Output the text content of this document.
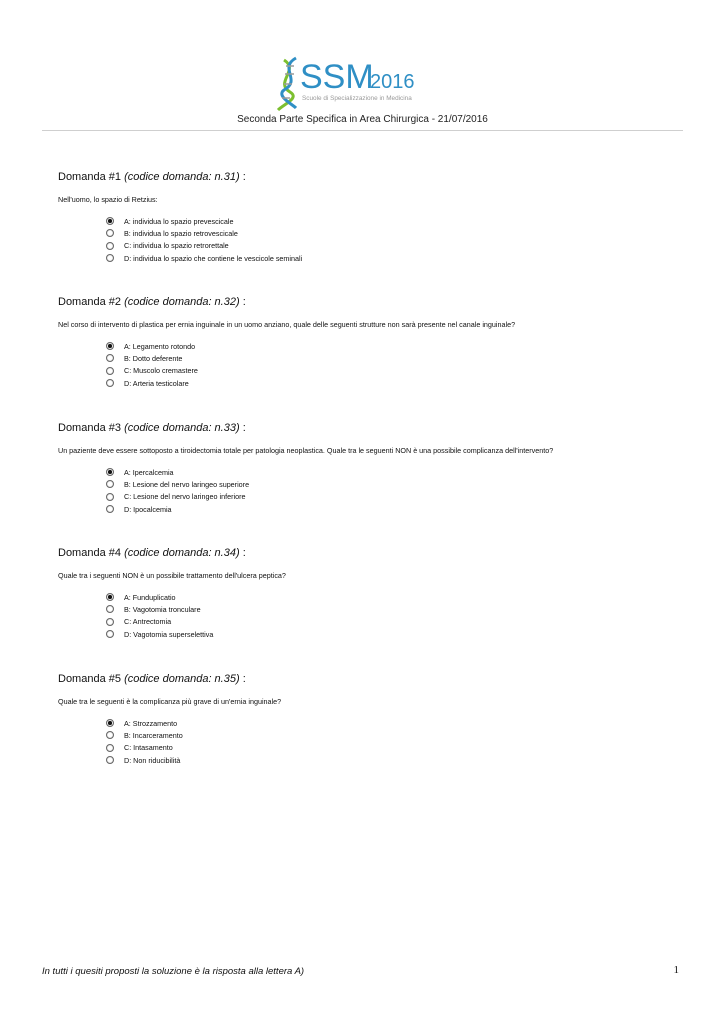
SSM
2016
Scuole di Specializzazione in Medicina
Seconda Parte Specifica in Area Chirurgica - 21/07/2016
Domanda #1 (codice domanda: n.31) :
Nell'uomo, lo spazio di Retzius:
A: individua lo spazio prevescicale
B: individua lo spazio retrovescicale
C: individua lo spazio retrorettale
D: individua lo spazio che contiene le vescicole seminali
Domanda #2 (codice domanda: n.32) :
Nel corso di intervento di plastica per ernia inguinale in un uomo anziano, quale delle seguenti strutture non sarà presente nel canale inguinale?
A: Legamento rotondo
B: Dotto deferente
C: Muscolo cremastere
D: Arteria testicolare
Domanda #3 (codice domanda: n.33) :
Un paziente deve essere sottoposto a tiroidectomia totale per patologia neoplastica. Quale tra le seguenti NON è una possibile complicanza dell'intervento?
A: Ipercalcemia
B: Lesione del nervo laringeo superiore
C: Lesione del nervo laringeo inferiore
D: Ipocalcemia
Domanda #4 (codice domanda: n.34) :
Quale tra i seguenti NON è un possibile trattamento dell'ulcera peptica?
A: Funduplicatio
B: Vagotomia tronculare
C: Antrectomia
D: Vagotomia superselettiva
Domanda #5 (codice domanda: n.35) :
Quale tra le seguenti è la complicanza più grave di un'ernia inguinale?
A: Strozzamento
B: Incarceramento
C: Intasamento
D: Non riducibilità
In tutti i quesiti proposti la soluzione è la risposta alla lettera A)	1
